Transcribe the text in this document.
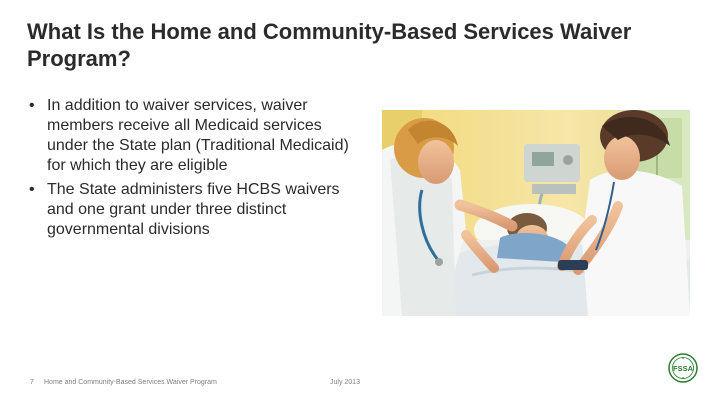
What Is the Home and Community-Based Services Waiver Program?
• In addition to waiver services, waiver members receive all Medicaid services under the State plan (Traditional Medicaid) for which they are eligible
• The State administers five HCBS waivers and one grant under three distinct governmental divisions
7 Home and Community-Based Services Waiver Program	July 2013
FSSA
